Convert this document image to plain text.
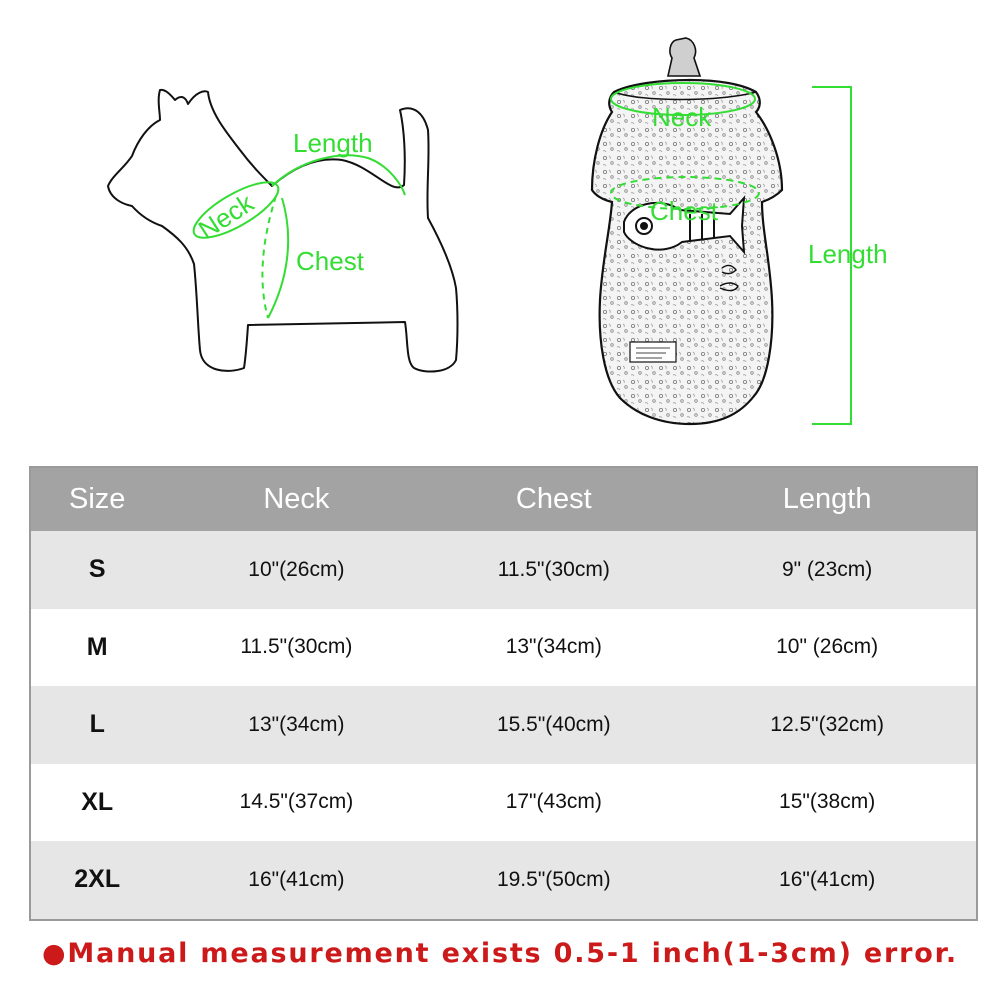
Length
Neck
Chest
Neck
Chest
Length
Size	Neck	Chest	Length
S	10"(26cm)	11.5"(30cm)	9" (23cm)
M	11.5"(30cm)	13"(34cm)	10" (26cm)
L	13"(34cm)	15.5"(40cm)	12.5"(32cm)
XL	14.5"(37cm)	17"(43cm)	15"(38cm)
2XL	16"(41cm)	19.5"(50cm)	16"(41cm)
●Manual measurement exists 0.5-1 inch(1-3cm) error.
